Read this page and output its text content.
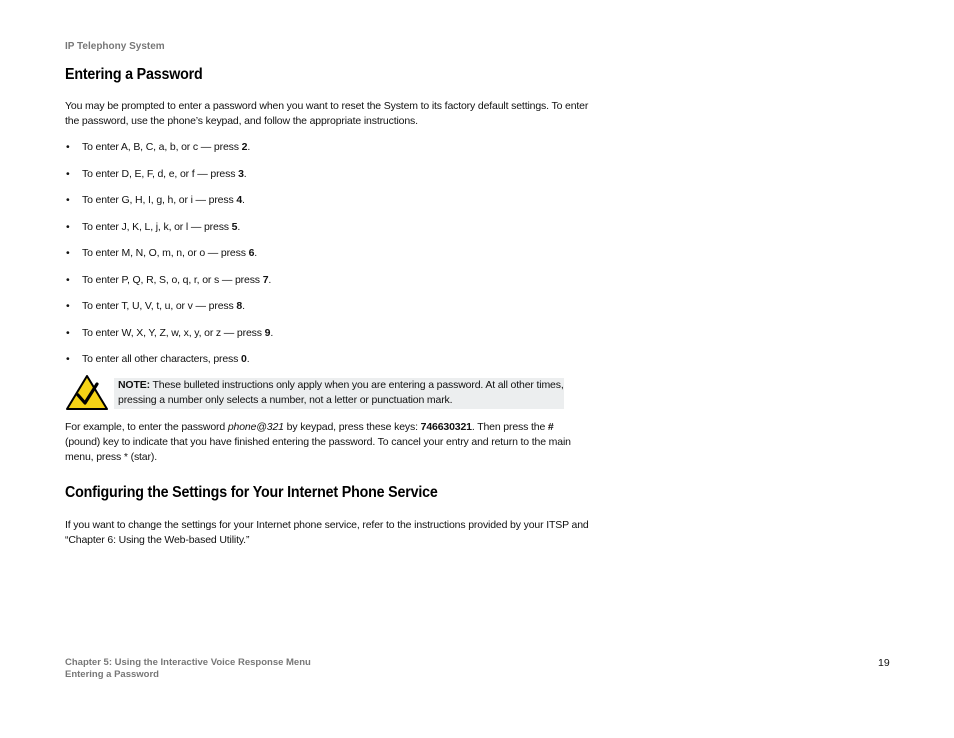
IP Telephony System
Entering a Password

You may be prompted to enter a password when you want to reset the System to its factory default settings. To enter the password, use the phone’s keypad, and follow the appropriate instructions.

• To enter A, B, C, a, b, or c — press 2.
• To enter D, E, F, d, e, or f — press 3.
• To enter G, H, I, g, h, or i — press 4.
• To enter J, K, L, j, k, or l — press 5.
• To enter M, N, O, m, n, or o — press 6.
• To enter P, Q, R, S, o, q, r, or s — press 7.
• To enter T, U, V, t, u, or v — press 8.
• To enter W, X, Y, Z, w, x, y, or z — press 9.
• To enter all other characters, press 0.
NOTE: These bulleted instructions only apply when you are entering a password. At all other times, pressing a number only selects a number, not a letter or punctuation mark.

For example, to enter the password phone@321 by keypad, press these keys: 746630321. Then press the # (pound) key to indicate that you have finished entering the password. To cancel your entry and return to the main menu, press * (star).

Configuring the Settings for Your Internet Phone Service

If you want to change the settings for your Internet phone service, refer to the instructions provided by your ITSP and “Chapter 6: Using the Web-based Utility.”

Chapter 5: Using the Interactive Voice Response Menu
Entering a Password
19
